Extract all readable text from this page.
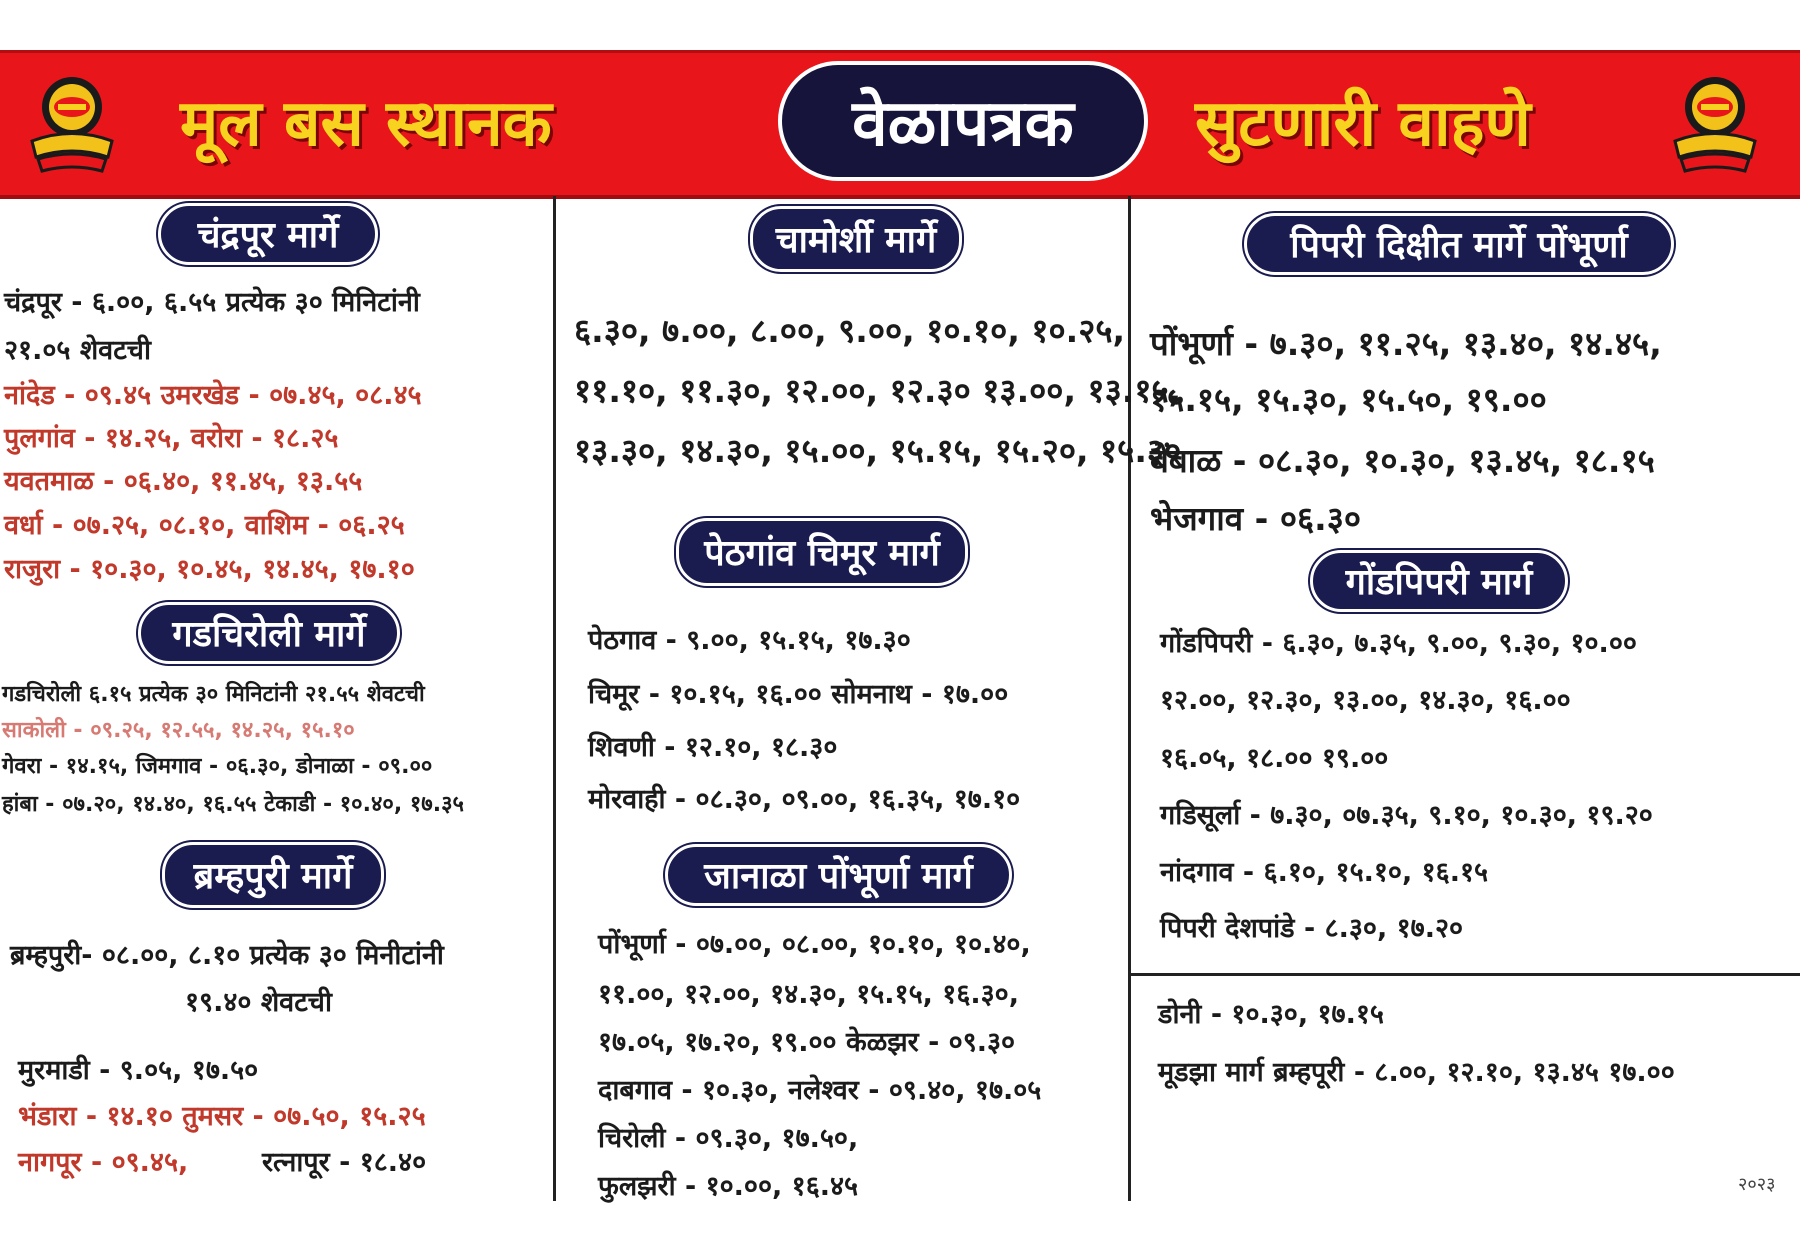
मूल बस स्थानक	वेळापत्रक	सुटणारी वाहणे
चंद्रपूर मार्गे
चंद्रपूर - ६.००, ६.५५ प्रत्येक ३० मिनिटांनी
२१.०५ शेवटची
नांदेड - ०९.४५ उमरखेड - ०७.४५, ०८.४५
पुलगांव - १४.२५, वरोरा - १८.२५
यवतमाळ - ०६.४०, ११.४५, १३.५५
वर्धा - ०७.२५, ०८.१०, वाशिम - ०६.२५
राजुरा - १०.३०, १०.४५, १४.४५, १७.१०
गडचिरोली मार्गे
गडचिरोली ६.१५ प्रत्येक ३० मिनिटांनी २१.५५ शेवटची
साकोली - ०९.२५, १२.५५, १४.२५, १५.१०
गेवरा - १४.१५, जिमगाव - ०६.३०, डोनाळा - ०९.००
हांबा - ०७.२०, १४.४०, १६.५५ टेकाडी - १०.४०, १७.३५
ब्रम्हपुरी मार्गे
ब्रम्हपुरी- ०८.००, ८.१० प्रत्येक ३० मिनीटांनी
१९.४० शेवटची
मुरमाडी - ९.०५, १७.५०
भंडारा - १४.१० तुमसर - ०७.५०, १५.२५
नागपूर - ०९.४५,	रत्नापूर - १८.४०
चामोर्शी मार्गे
६.३०, ७.००, ८.००, ९.००, १०.१०, १०.२५,
११.१०, ११.३०, १२.००, १२.३० १३.००, १३.१५,
१३.३०, १४.३०, १५.००, १५.१५, १५.२०, १५.३०
पेठगांव चिमूर मार्ग
पेठगाव - ९.००, १५.१५, १७.३०
चिमूर - १०.१५, १६.०० सोमनाथ - १७.००
शिवणी - १२.१०, १८.३०
मोरवाही - ०८.३०, ०९.००, १६.३५, १७.१०
जानाळा पोंभूर्णा मार्ग
पोंभूर्णा - ०७.००, ०८.००, १०.१०, १०.४०,
११.००, १२.००, १४.३०, १५.१५, १६.३०,
१७.०५, १७.२०, १९.०० केळझर - ०९.३०
दाबगाव - १०.३०, नलेश्वर - ०९.४०, १७.०५
चिरोली - ०९.३०, १७.५०,
फुलझरी - १०.००, १६.४५
पिपरी दिक्षीत मार्गे पोंभूर्णा
पोंभूर्णा - ७.३०, ११.२५, १३.४०, १४.४५,
१५.१५, १५.३०, १५.५०, १९.००
बेंबाळ - ०८.३०, १०.३०, १३.४५, १८.१५
भेजगाव - ०६.३०
गोंडपिपरी मार्ग
गोंडपिपरी - ६.३०, ७.३५, ९.००, ९.३०, १०.००
१२.००, १२.३०, १३.००, १४.३०, १६.००
१६.०५, १८.०० १९.००
गडिसूर्ला - ७.३०, ०७.३५, ९.१०, १०.३०, १९.२०
नांदगाव - ६.१०, १५.१०, १६.१५
पिपरी देशपांडे - ८.३०, १७.२०
डोनी - १०.३०, १७.१५
मूडझा मार्ग ब्रम्हपूरी - ८.००, १२.१०, १३.४५ १७.००
२०२३
